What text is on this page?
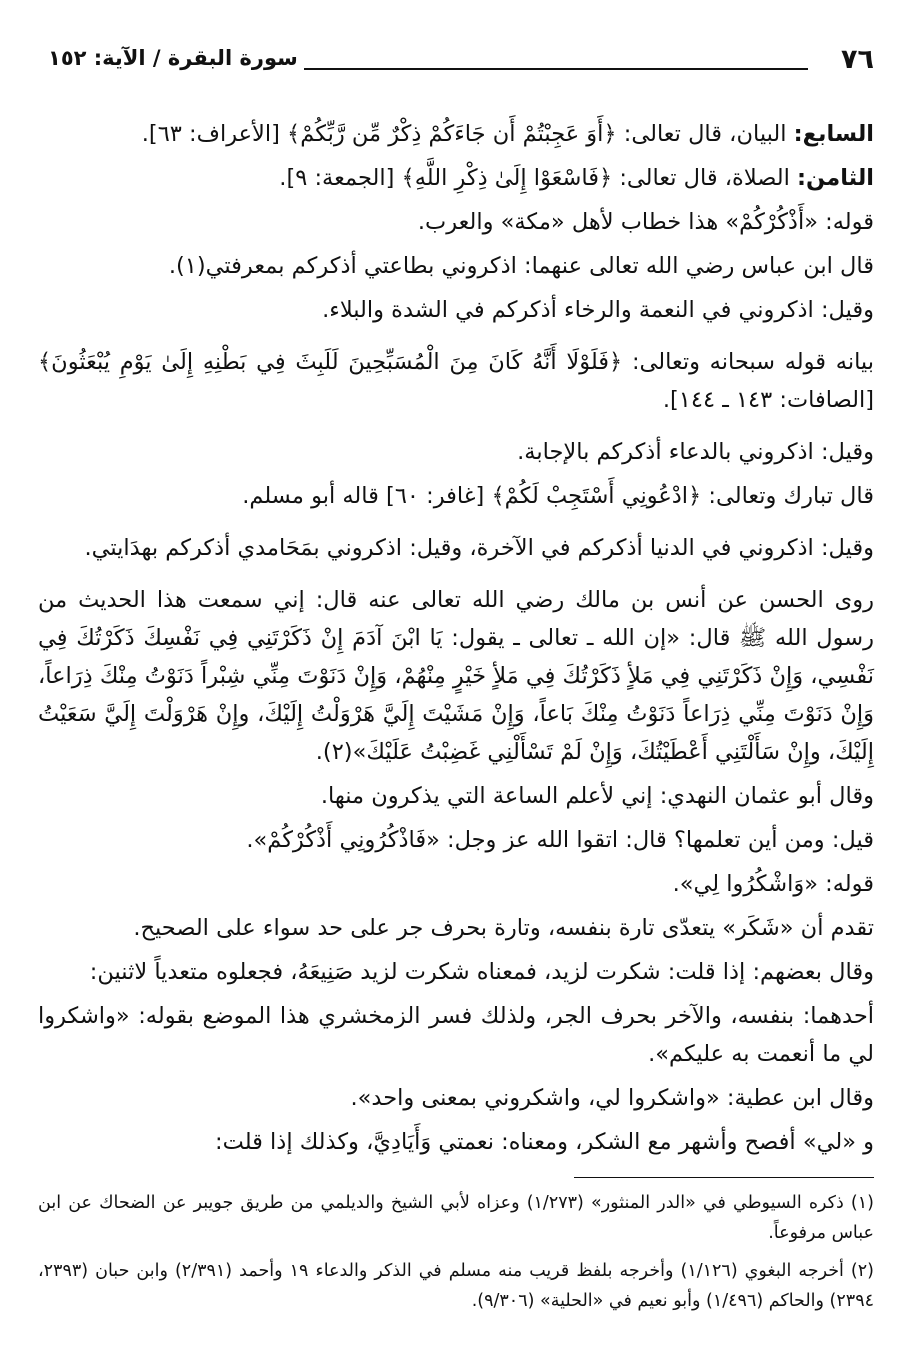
٧٦
سورة البقرة / الآية: ١٥٢

السابع: البيان، قال تعالى: ﴿أَوَ عَجِبْتُمْ أَن جَاءَكُمْ ذِكْرٌ مِّن رَّبِّكُمْ﴾ [الأعراف: ٦٣].

الثامن: الصلاة، قال تعالى: ﴿فَاسْعَوْا إِلَىٰ ذِكْرِ اللَّهِ﴾ [الجمعة: ٩].

قوله: «أَذْكُرْكُمْ» هذا خطاب لأهل «مكة» والعرب.

قال ابن عباس رضي الله تعالى عنهما: اذكروني بطاعتي أذكركم بمعرفتي(١).

وقيل: اذكروني في النعمة والرخاء أذكركم في الشدة والبلاء.

بيانه قوله سبحانه وتعالى: ﴿فَلَوْلَا أَنَّهُ كَانَ مِنَ الْمُسَبِّحِينَ لَلَبِثَ فِي بَطْنِهِ إِلَىٰ يَوْمِ يُبْعَثُونَ﴾ [الصافات: ١٤٣ ـ ١٤٤].

وقيل: اذكروني بالدعاء أذكركم بالإجابة.

قال تبارك وتعالى: ﴿ادْعُونِي أَسْتَجِبْ لَكُمْ﴾ [غافر: ٦٠] قاله أبو مسلم.

وقيل: اذكروني في الدنيا أذكركم في الآخرة، وقيل: اذكروني بمَحَامدي أذكركم بهدَايتي.

روى الحسن عن أنس بن مالك رضي الله تعالى عنه قال: إني سمعت هذا الحديث من رسول الله ﷺ قال: «إن الله ـ تعالى ـ يقول: يَا ابْنَ آدَمَ إِنْ ذَكَرْتَنِي فِي نَفْسِكَ ذَكَرْتُكَ فِي نَفْسِي، وَإِنْ ذَكَرْتَنِي فِي مَلأٍ ذَكَرْتُكَ فِي مَلأٍ خَيْرٍ مِنْهُمْ، وَإِنْ دَنَوْتَ مِنِّي شِبْراً دَنَوْتُ مِنْكَ ذِرَاعاً، وَإِنْ دَنَوْتَ مِنِّي ذِرَاعاً دَنَوْتُ مِنْكَ بَاعاً، وَإِنْ مَشَيْتَ إِلَيَّ هَرْوَلْتُ إِلَيْكَ، وإِنْ هَرْوَلْتَ إِلَيَّ سَعَيْتُ إِلَيْكَ، وإِنْ سَأَلْتَنِي أَعْطَيْتُكَ، وَإِنْ لَمْ تَسْأَلْنِي غَضِبْتُ عَلَيْكَ»(٢).

وقال أبو عثمان النهدي: إني لأعلم الساعة التي يذكرون منها.

قيل: ومن أين تعلمها؟ قال: اتقوا الله عز وجل: «فَاذْكُرُونِي أَذْكُرْكُمْ».

قوله: «وَاشْكُرُوا لِي».

تقدم أن «شَكَر» يتعدّى تارة بنفسه، وتارة بحرف جر على حد سواء على الصحيح.

وقال بعضهم: إذا قلت: شكرت لزيد، فمعناه شكرت لزيد صَنِيعَهُ، فجعلوه متعدياً لاثنين:

أحدهما: بنفسه، والآخر بحرف الجر، ولذلك فسر الزمخشري هذا الموضع بقوله: «واشكروا لي ما أنعمت به عليكم».

وقال ابن عطية: «واشكروا لي، واشكروني بمعنى واحد».

و «لي» أفصح وأشهر مع الشكر، ومعناه: نعمتي وَأَيَادِيَّ، وكذلك إذا قلت:

(١) ذكره السيوطي في «الدر المنثور» (١/٢٧٣) وعزاه لأبي الشيخ والديلمي من طريق جويبر عن الضحاك عن ابن عباس مرفوعاً.

(٢) أخرجه البغوي (١/١٢٦) وأخرجه بلفظ قريب منه مسلم في الذكر والدعاء ١٩ وأحمد (٢/٣٩١) وابن حبان (٢٣٩٣، ٢٣٩٤) والحاكم (١/٤٩٦) وأبو نعيم في «الحلية» (٩/٣٠٦).
